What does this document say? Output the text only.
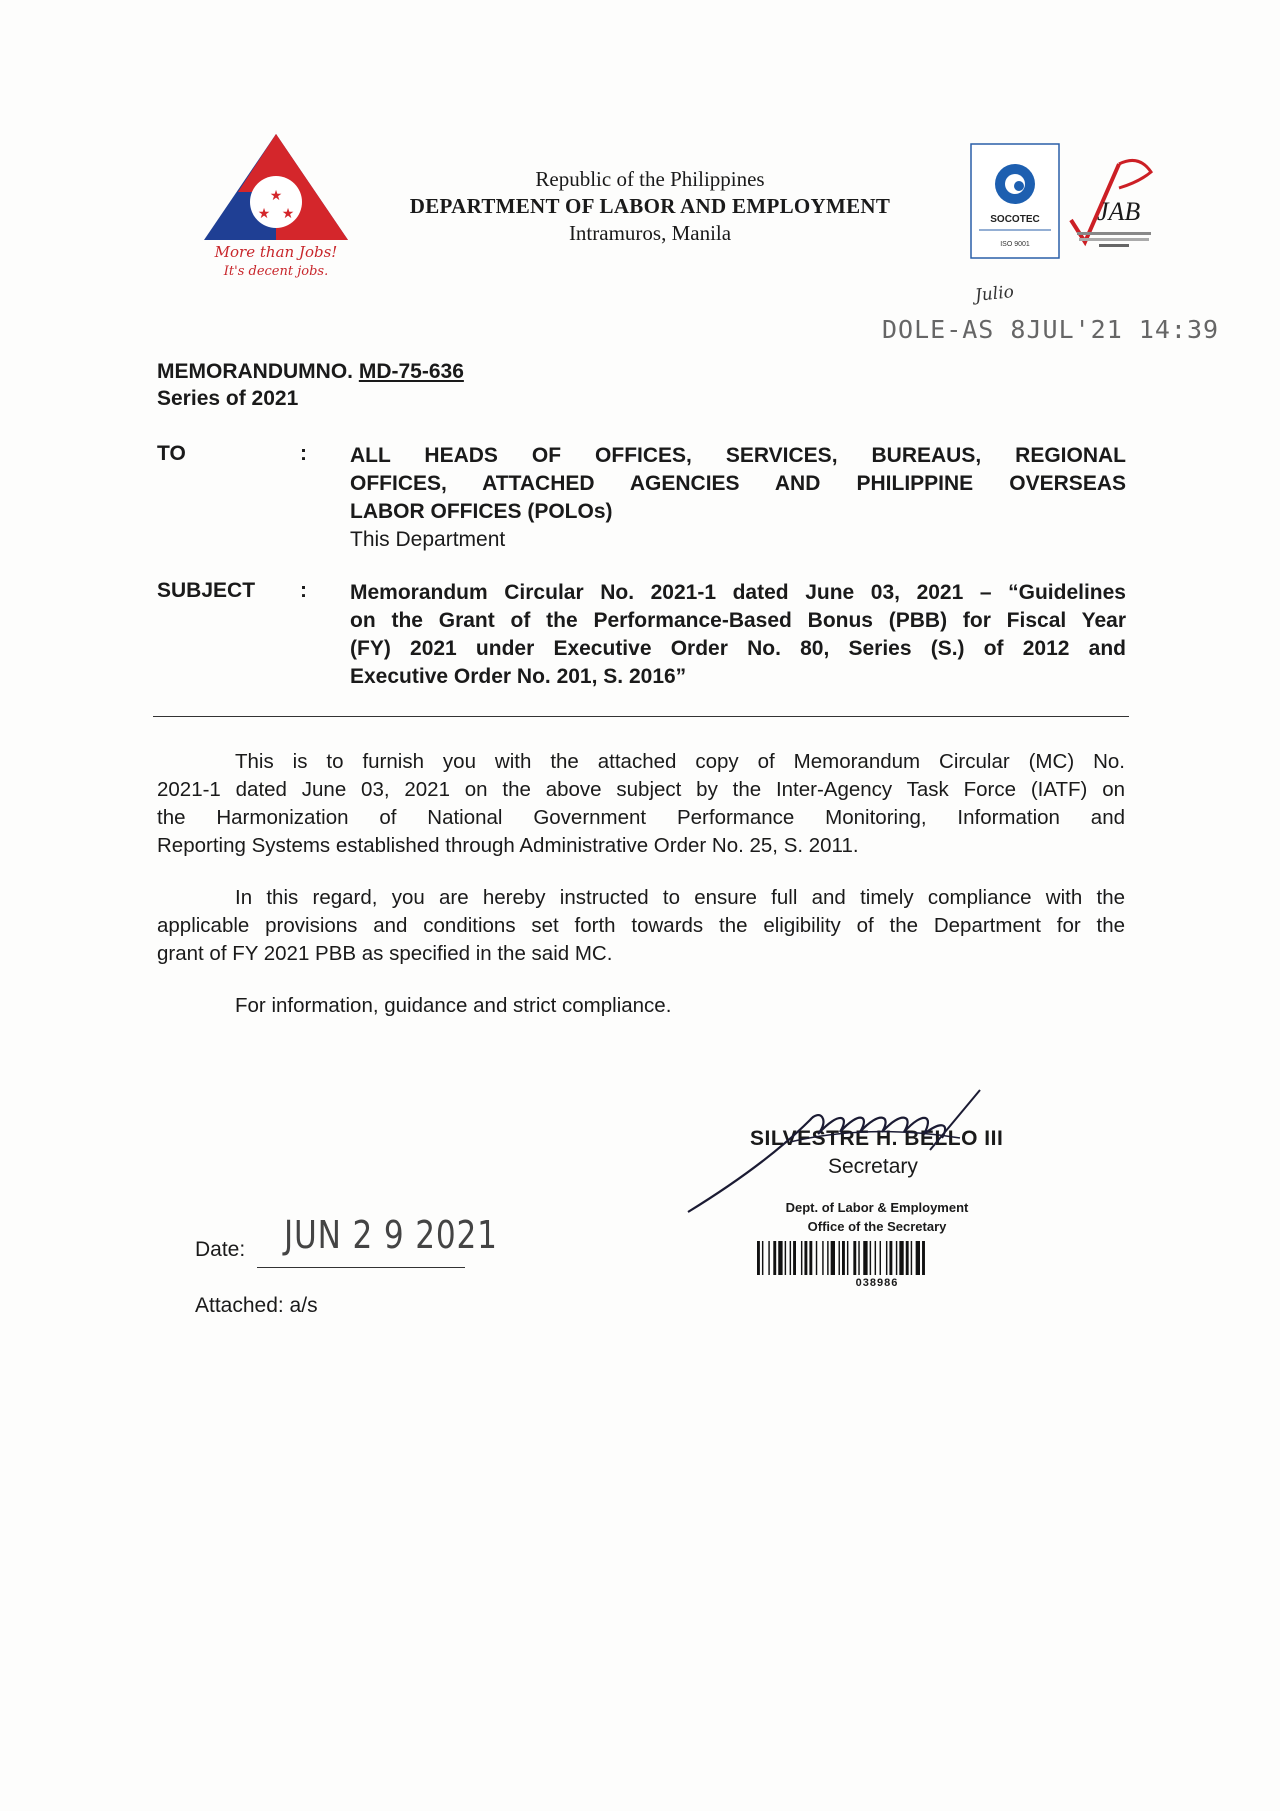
★
★ ★
More than Jobs!
It's decent jobs.
Republic of the Philippines
DEPARTMENT OF LABOR AND EMPLOYMENT
Intramuros, Manila
SOCOTEC
ISO 9001
JAB
Julio
DOLE-AS 8JUL'21 14:39
MEMORANDUMNO. MD-75-636
Series of 2021
TO	: ALL HEADS OF OFFICES, SERVICES, BUREAUS, REGIONAL
OFFICES, ATTACHED AGENCIES AND PHILIPPINE OVERSEAS
LABOR OFFICES (POLOs)
This Department
SUBJECT : Memorandum Circular No. 2021-1 dated June 03, 2021 – “Guidelines
on the Grant of the Performance-Based Bonus (PBB) for Fiscal Year
(FY) 2021 under Executive Order No. 80, Series (S.) of 2012 and
Executive Order No. 201, S. 2016”
This is to furnish you with the attached copy of Memorandum Circular (MC) No.
2021-1 dated June 03, 2021 on the above subject by the Inter-Agency Task Force (IATF) on
the Harmonization of National Government Performance Monitoring, Information and
Reporting Systems established through Administrative Order No. 25, S. 2011.
In this regard, you are hereby instructed to ensure full and timely compliance with the
applicable provisions and conditions set forth towards the eligibility of the Department for the
grant of FY 2021 PBB as specified in the said MC.
For information, guidance and strict compliance.
SILVESTRE H. BELLO III
Secretary
Dept. of Labor & Employment
Office of the Secretary
038986
Date: JUN 2 9 2021
Attached: a/s
